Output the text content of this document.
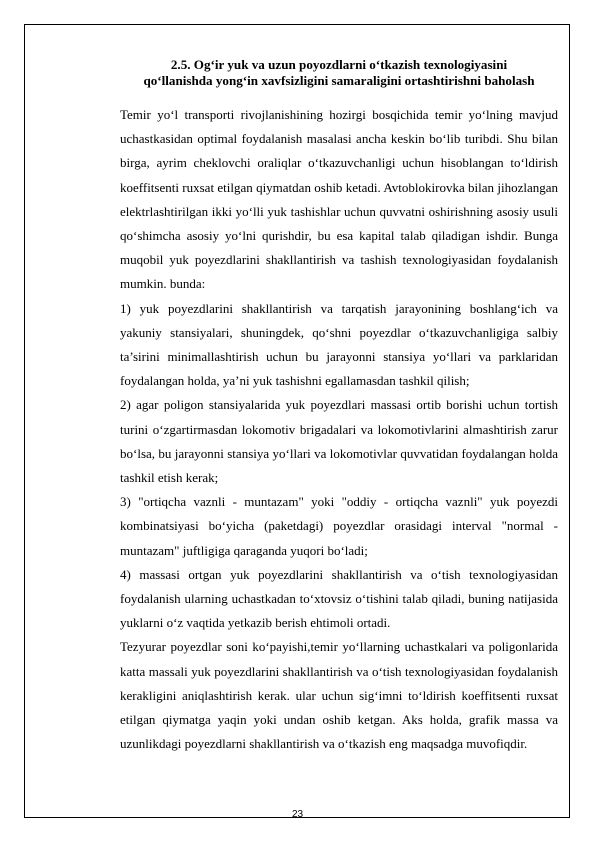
2.5. Og‘ir yuk va uzun poyozdlarni o‘tkazish texnologiyasini
qo‘llanishda yong‘in xavfsizligini samaraligini ortashtirishni baholash

Temir yo‘l transporti rivojlanishining hozirgi bosqichida temir yo‘lning mavjud uchastkasidan optimal foydalanish masalasi ancha keskin bo‘lib turibdi. Shu bilan birga, ayrim cheklovchi oraliqlar o‘tkazuvchanligi uchun hisoblangan to‘ldirish koeffitsenti ruxsat etilgan qiymatdan oshib ketadi. Avtoblokirovka bilan jihozlangan elektrlashtirilgan ikki yo‘lli yuk tashishlar uchun quvvatni oshirishning asosiy usuli qo‘shimcha asosiy yo‘lni qurishdir, bu esa kapital talab qiladigan ishdir. Bunga muqobil yuk poyezdlarini shakllantirish va tashish texnologiyasidan foydalanish mumkin. bunda:

1) yuk poyezdlarini shakllantirish va tarqatish jarayonining boshlang‘ich va yakuniy stansiyalari, shuningdek, qo‘shni poyezdlar o‘tkazuvchanligiga salbiy ta’sirini minimallashtirish uchun bu jarayonni stansiya yo‘llari va parklaridan foydalangan holda, ya’ni yuk tashishni egallamasdan tashkil qilish;

2) agar poligon stansiyalarida yuk poyezdlari massasi ortib borishi uchun tortish turini o‘zgartirmasdan lokomotiv brigadalari va lokomotivlarini almashtirish zarur bo‘lsa, bu jarayonni stansiya yo‘llari va lokomotivlar quvvatidan foydalangan holda tashkil etish kerak;

3) "ortiqcha vaznli - muntazam" yoki "oddiy - ortiqcha vaznli" yuk poyezdi kombinatsiyasi bo‘yicha (paketdagi) poyezdlar orasidagi interval "normal - muntazam" juftligiga qaraganda yuqori bo‘ladi;

4) massasi ortgan yuk poyezdlarini shakllantirish va o‘tish texnologiyasidan foydalanish ularning uchastkadan to‘xtovsiz o‘tishini talab qiladi, buning natijasida yuklarni o‘z vaqtida yetkazib berish ehtimoli ortadi.

Tezyurar poyezdlar soni ko‘payishi,temir yo‘llarning uchastkalari va poligonlarida katta massali yuk poyezdlarini shakllantirish va o‘tish texnologiyasidan foydalanish kerakligini aniqlashtirish kerak. ular uchun sig‘imni to‘ldirish koeffitsenti ruxsat etilgan qiymatga yaqin yoki undan oshib ketgan. Aks holda, grafik massa va uzunlikdagi poyezdlarni shakllantirish va o‘tkazish eng maqsadga muvofiqdir.

23
